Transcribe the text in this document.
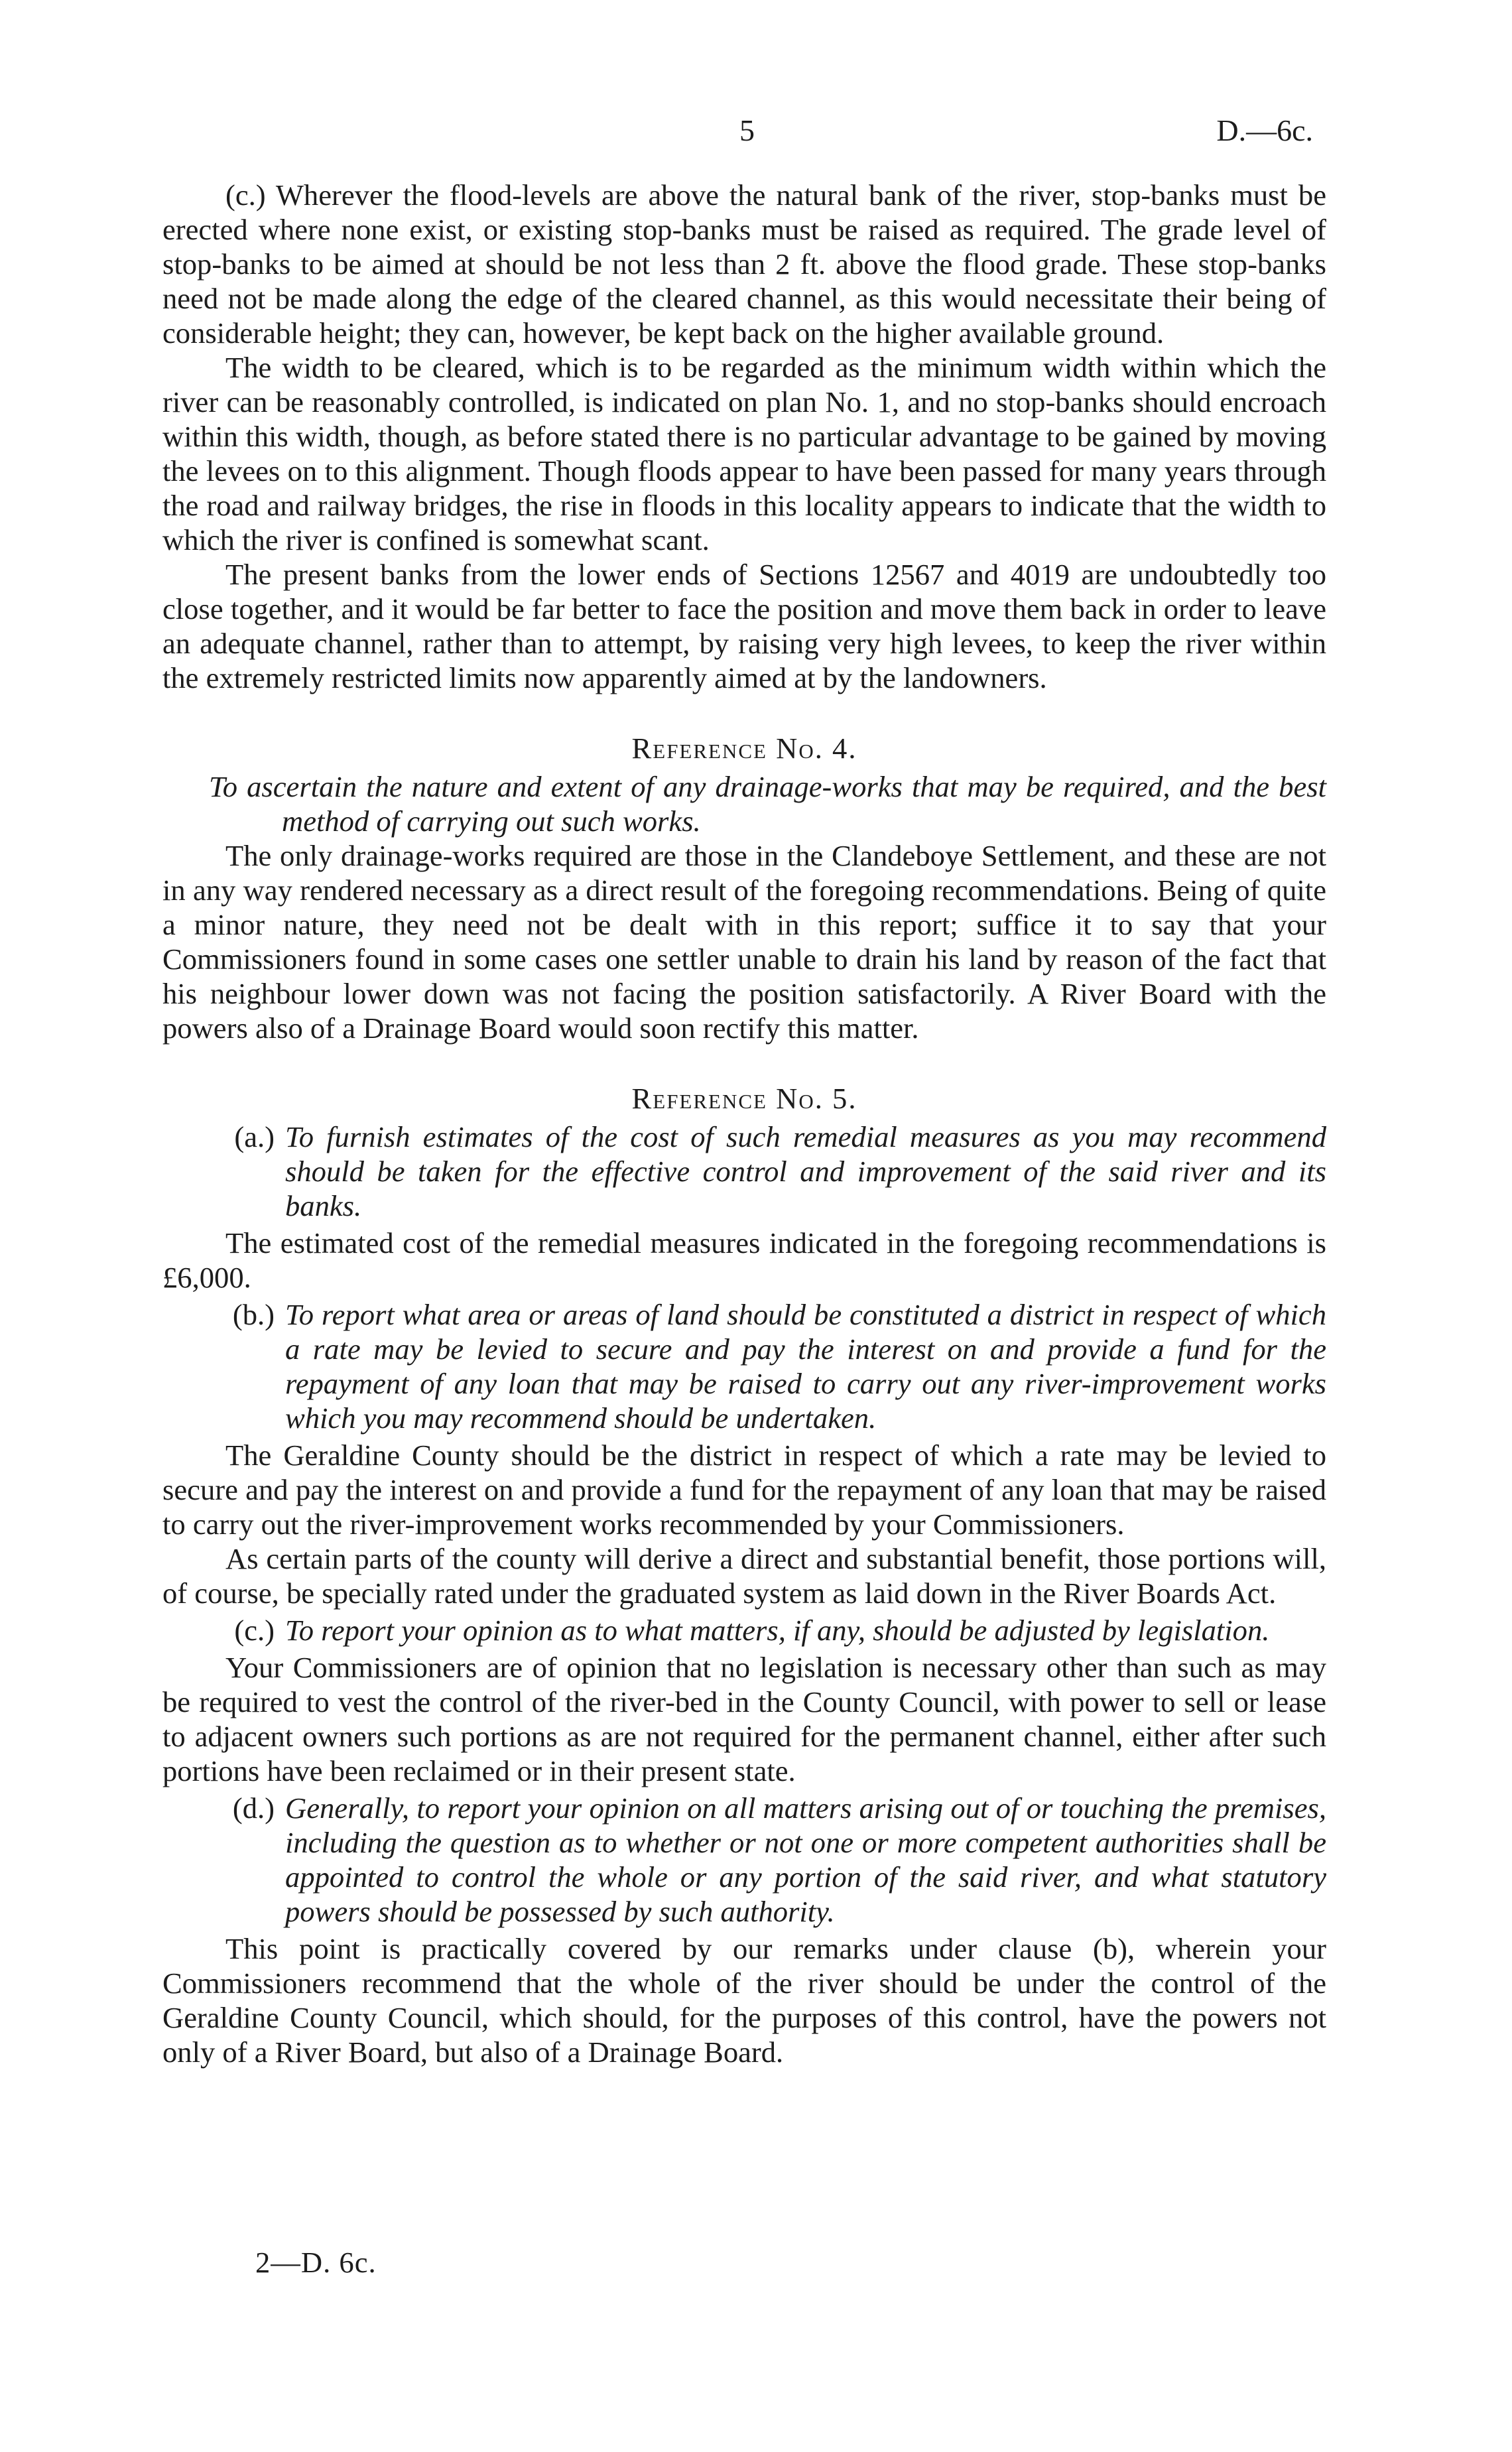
5	D.—6c.

(c.) Wherever the flood-levels are above the natural bank of the river, stop-banks must be erected where none exist, or existing stop-banks must be raised as required. The grade level of stop-banks to be aimed at should be not less than 2 ft. above the flood grade. These stop-banks need not be made along the edge of the cleared channel, as this would necessitate their being of considerable height; they can, however, be kept back on the higher available ground.

The width to be cleared, which is to be regarded as the minimum width within which the river can be reasonably controlled, is indicated on plan No. 1, and no stop-banks should encroach within this width, though, as before stated there is no particular advantage to be gained by moving the levees on to this alignment. Though floods appear to have been passed for many years through the road and railway bridges, the rise in floods in this locality appears to indicate that the width to which the river is confined is somewhat scant.

The present banks from the lower ends of Sections 12567 and 4019 are undoubtedly too close together, and it would be far better to face the position and move them back in order to leave an adequate channel, rather than to attempt, by raising very high levees, to keep the river within the extremely restricted limits now apparently aimed at by the landowners.

Reference No. 4.

To ascertain the nature and extent of any drainage-works that may be required, and the best method of carrying out such works.

The only drainage-works required are those in the Clandeboye Settlement, and these are not in any way rendered necessary as a direct result of the foregoing recommendations. Being of quite a minor nature, they need not be dealt with in this report; suffice it to say that your Commissioners found in some cases one settler unable to drain his land by reason of the fact that his neighbour lower down was not facing the position satisfactorily. A River Board with the powers also of a Drainage Board would soon rectify this matter.

Reference No. 5.

(a.) To furnish estimates of the cost of such remedial measures as you may recommend should be taken for the effective control and improvement of the said river and its banks.

The estimated cost of the remedial measures indicated in the foregoing recommendations is £6,000.

(b.) To report what area or areas of land should be constituted a district in respect of which a rate may be levied to secure and pay the interest on and provide a fund for the repayment of any loan that may be raised to carry out any river-improvement works which you may recommend should be undertaken.

The Geraldine County should be the district in respect of which a rate may be levied to secure and pay the interest on and provide a fund for the repayment of any loan that may be raised to carry out the river-improvement works recommended by your Commissioners.

As certain parts of the county will derive a direct and substantial benefit, those portions will, of course, be specially rated under the graduated system as laid down in the River Boards Act.

(c.) To report your opinion as to what matters, if any, should be adjusted by legislation.

Your Commissioners are of opinion that no legislation is necessary other than such as may be required to vest the control of the river-bed in the County Council, with power to sell or lease to adjacent owners such portions as are not required for the permanent channel, either after such portions have been reclaimed or in their present state.

(d.) Generally, to report your opinion on all matters arising out of or touching the premises, including the question as to whether or not one or more competent authorities shall be appointed to control the whole or any portion of the said river, and what statutory powers should be possessed by such authority.

This point is practically covered by our remarks under clause (b), wherein your Commissioners recommend that the whole of the river should be under the control of the Geraldine County Council, which should, for the purposes of this control, have the powers not only of a River Board, but also of a Drainage Board.

2—D. 6c.
